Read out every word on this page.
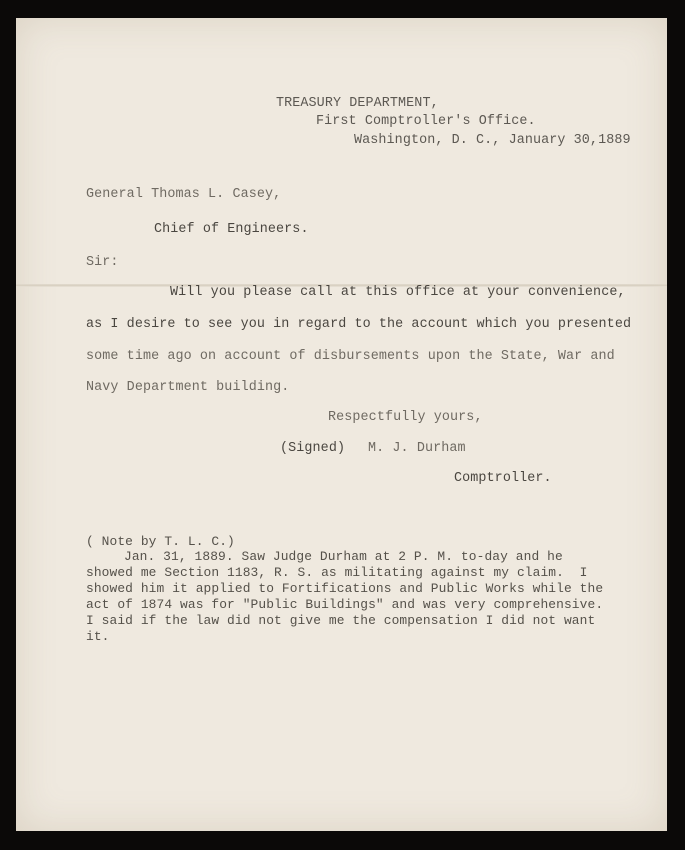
TREASURY DEPARTMENT,
First Comptroller's Office.
Washington, D. C., January 30,1889
General Thomas L. Casey,
Chief of Engineers.
Sir:
Will you please call at this office at your convenience,
as I desire to see you in regard to the account which you presented
some time ago on account of disbursements upon the State, War and
Navy Department building.
Respectfully yours,
(Signed) M. J. Durham
Comptroller.
( Note by T. L. C.)
Jan. 31, 1889. Saw Judge Durham at 2 P. M. to-day and he
showed me Section 1183, R. S. as militating against my claim.  I
showed him it applied to Fortifications and Public Works while the
act of 1874 was for "Public Buildings" and was very comprehensive.
I said if the law did not give me the compensation I did not want
it.
